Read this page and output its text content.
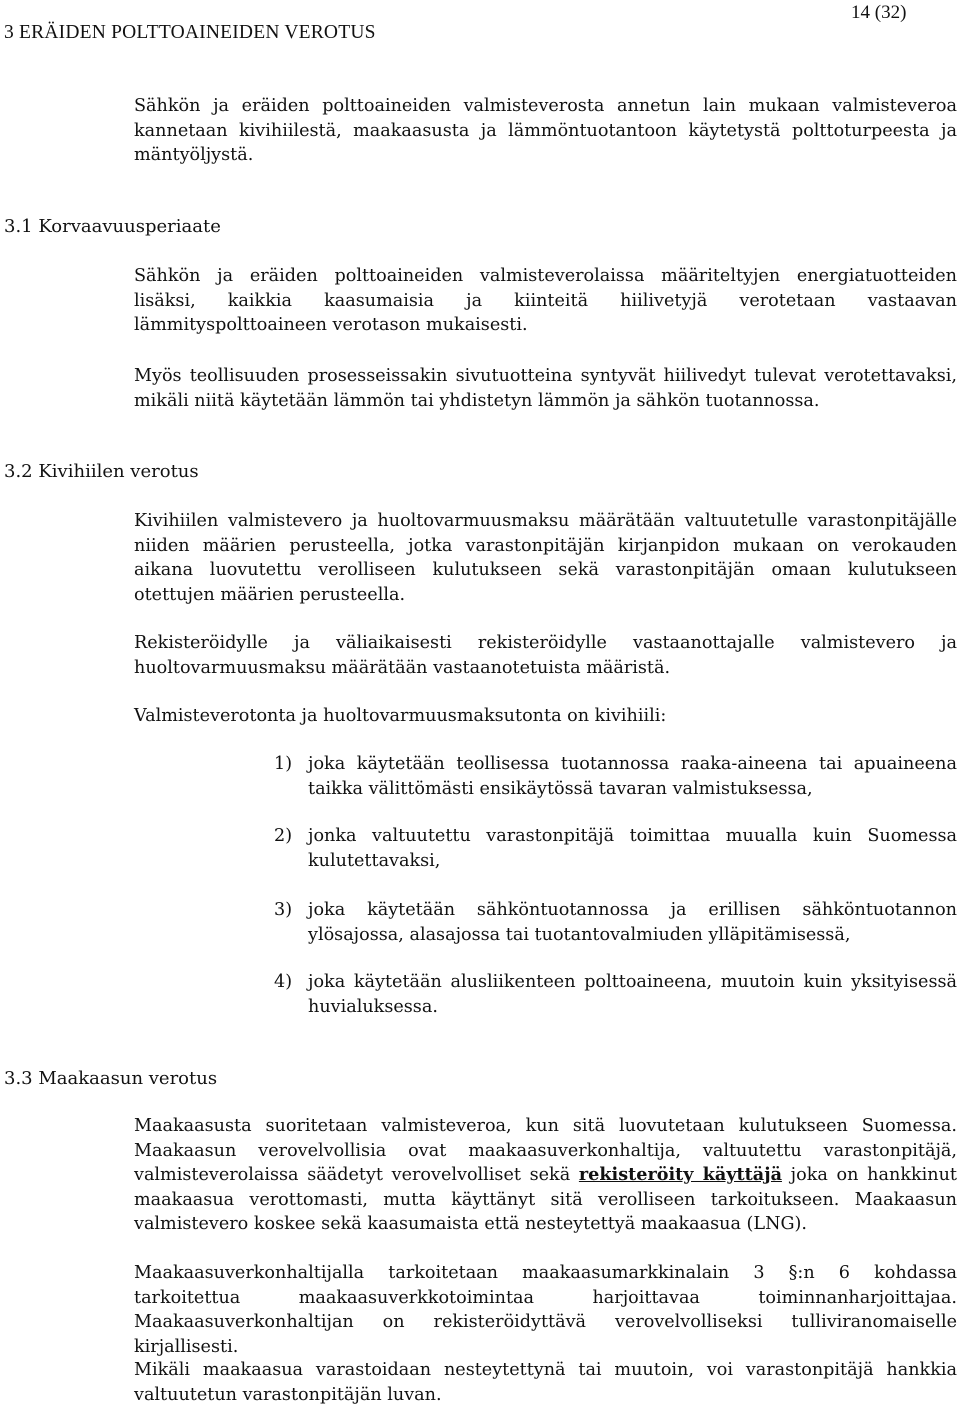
14 (32)
3 ERÄIDEN POLTTOAINEIDEN VEROTUS

Sähkön ja eräiden polttoaineiden valmisteverosta annetun lain mukaan valmisteveroa kannetaan kivihiilestä, maakaasusta ja lämmöntuotantoon käytetystä polttoturpeesta ja mäntyöljystä.

3.1 Korvaavuusperiaate

Sähkön ja eräiden polttoaineiden valmisteverolaissa määriteltyjen energiatuotteiden lisäksi, kaikkia kaasumaisia ja kiinteitä hiilivetyjä verotetaan vastaavan lämmityspolttoaineen verotason mukaisesti.

Myös teollisuuden prosesseissakin sivutuotteina syntyvät hiilivedyt tulevat verotettavaksi, mikäli niitä käytetään lämmön tai yhdistetyn lämmön ja sähkön tuotannossa.

3.2 Kivihiilen verotus

Kivihiilen valmistevero ja huoltovarmuusmaksu määrätään valtuutetulle varastonpitäjälle niiden määrien perusteella, jotka varastonpitäjän kirjanpidon mukaan on verokauden aikana luovutettu verolliseen kulutukseen sekä varastonpitäjän omaan kulutukseen otettujen määrien perusteella.

Rekisteröidylle ja väliaikaisesti rekisteröidylle vastaanottajalle valmistevero ja huoltovarmuusmaksu määrätään vastaanotetuista määristä.

Valmisteverotonta ja huoltovarmuusmaksutonta on kivihiili:

1) joka käytetään teollisessa tuotannossa raaka-aineena tai apuaineena taikka välittömästi ensikäytössä tavaran valmistuksessa,
2) jonka valtuutettu varastonpitäjä toimittaa muualla kuin Suomessa kulutettavaksi,
3) joka käytetään sähköntuotannossa ja erillisen sähköntuotannon ylösajossa, alasajossa tai tuotantovalmiuden ylläpitämisessä,
4) joka käytetään alusliikenteen polttoaineena, muutoin kuin yksityisessä huvialuksessa.
3.3 Maakaasun verotus

Maakaasusta suoritetaan valmisteveroa, kun sitä luovutetaan kulutukseen Suomessa. Maakaasun verovelvollisia ovat maakaasuverkonhaltija, valtuutettu varastonpitäjä, valmisteverolaissa säädetyt verovelvolliset sekä rekisteröity käyttäjä joka on hankkinut maakaasua verottomasti, mutta käyttänyt sitä verolliseen tarkoitukseen. Maakaasun valmistevero koskee sekä kaasumaista että nesteytettyä maakaasua (LNG).

Maakaasuverkonhaltijalla tarkoitetaan maakaasumarkkinalain 3 §:n 6 kohdassa tarkoitettua maakaasuverkkotoimintaa harjoittavaa toiminnanharjoittajaa. Maakaasuverkonhaltijan on rekisteröidyttävä verovelvolliseksi tulliviranomaiselle kirjallisesti.

Mikäli maakaasua varastoidaan nesteytettynä tai muutoin, voi varastonpitäjä hankkia valtuutetun varastonpitäjän luvan.
